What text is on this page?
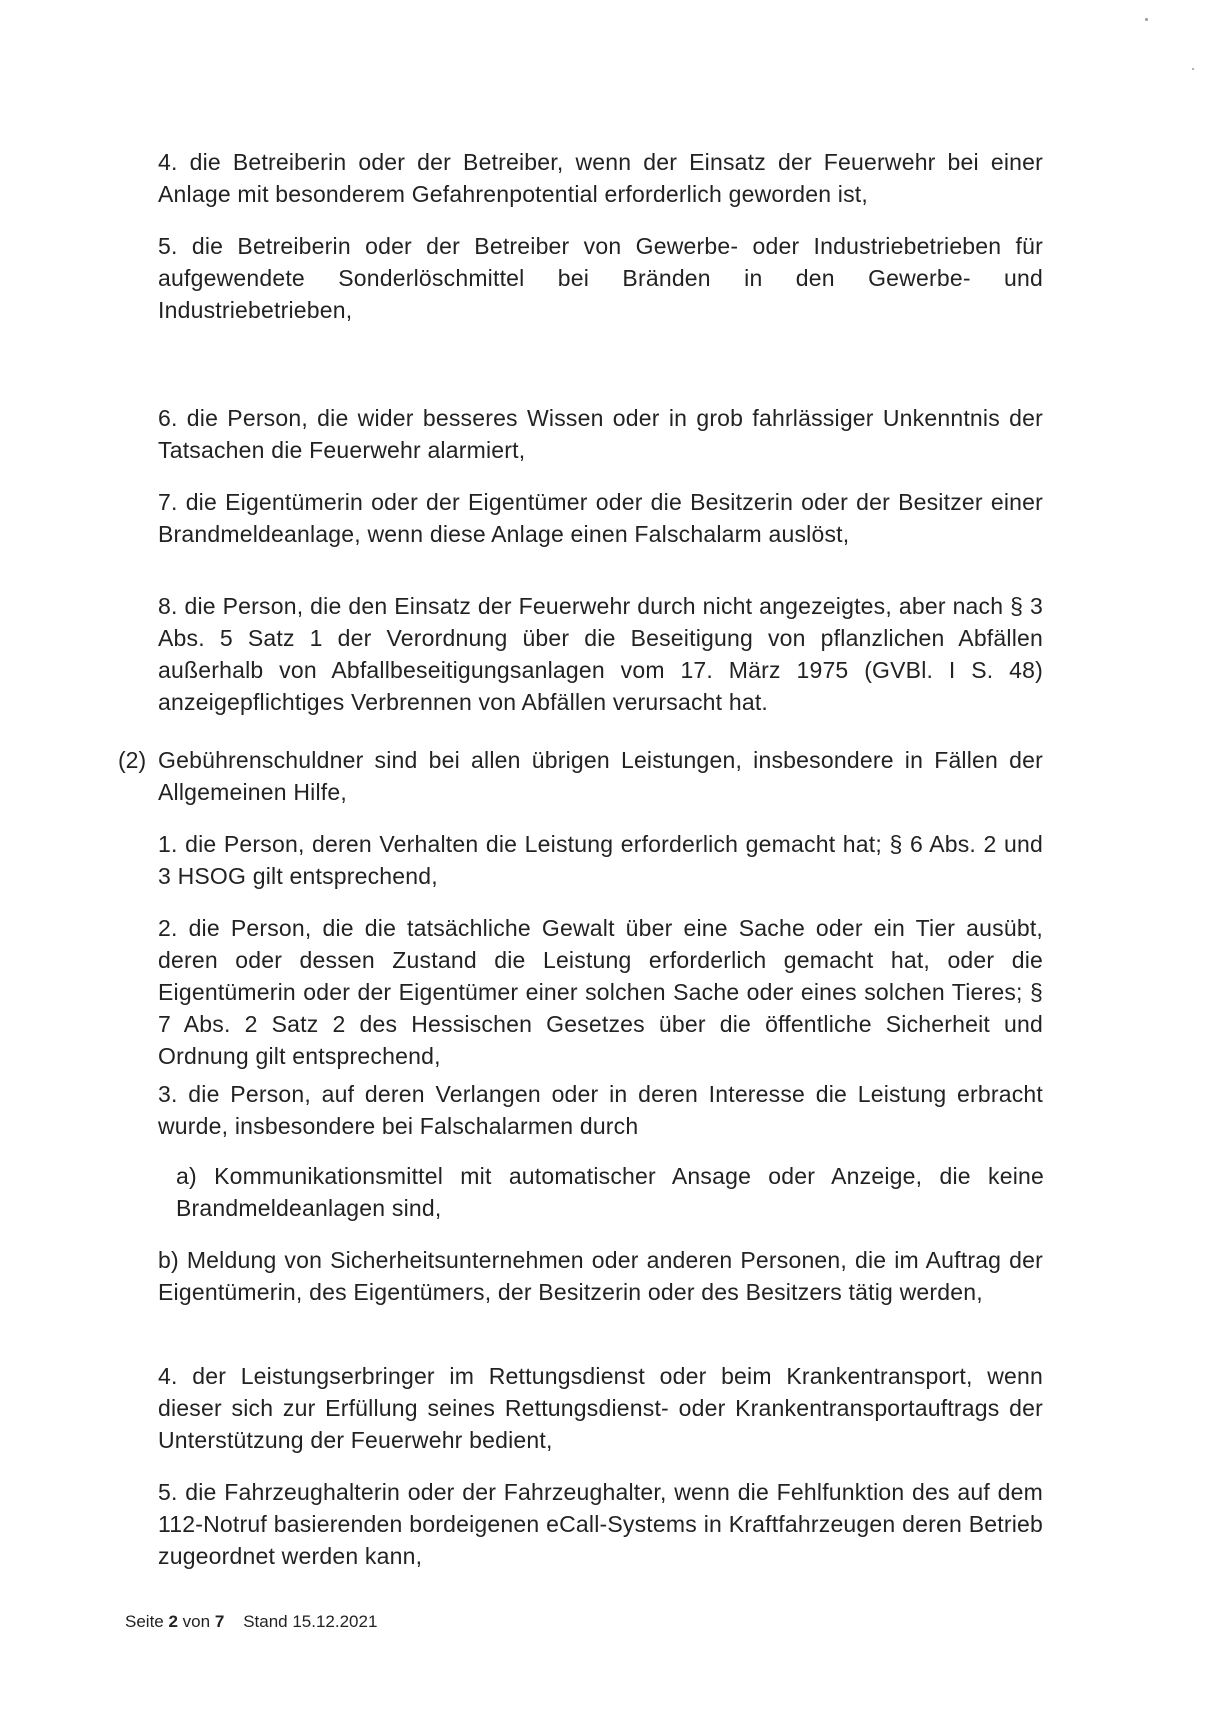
4. die Betreiberin oder der Betreiber, wenn der Einsatz der Feuerwehr bei einer Anlage mit besonderem Gefahrenpotential erforderlich geworden ist,
5. die Betreiberin oder der Betreiber von Gewerbe- oder Industriebetrieben für aufgewendete Sonderlöschmittel bei Bränden in den Gewerbe- und Industriebetrieben,
6. die Person, die wider besseres Wissen oder in grob fahrlässiger Unkenntnis der Tatsachen die Feuerwehr alarmiert,
7. die Eigentümerin oder der Eigentümer oder die Besitzerin oder der Besitzer einer Brandmeldeanlage, wenn diese Anlage einen Falschalarm auslöst,
8. die Person, die den Einsatz der Feuerwehr durch nicht angezeigtes, aber nach § 3 Abs. 5 Satz 1 der Verordnung über die Beseitigung von pflanzlichen Abfällen außerhalb von Abfallbeseitigungsanlagen vom 17. März 1975 (GVBl. I S. 48) anzeigepflichtiges Verbrennen von Abfällen verursacht hat.
(2) Gebührenschuldner sind bei allen übrigen Leistungen, insbesondere in Fällen der Allgemeinen Hilfe,
1. die Person, deren Verhalten die Leistung erforderlich gemacht hat; § 6 Abs. 2 und 3 HSOG gilt entsprechend,
2. die Person, die die tatsächliche Gewalt über eine Sache oder ein Tier ausübt, deren oder dessen Zustand die Leistung erforderlich gemacht hat, oder die Eigentümerin oder der Eigentümer einer solchen Sache oder eines solchen Tieres; § 7 Abs. 2 Satz 2 des Hessischen Gesetzes über die öffentliche Sicherheit und Ordnung gilt entsprechend,
3. die Person, auf deren Verlangen oder in deren Interesse die Leistung erbracht wurde, insbesondere bei Falschalarmen durch
a) Kommunikationsmittel mit automatischer Ansage oder Anzeige, die keine Brandmeldeanlagen sind,
b) Meldung von Sicherheitsunternehmen oder anderen Personen, die im Auftrag der Eigentümerin, des Eigentümers, der Besitzerin oder des Besitzers tätig werden,
4. der Leistungserbringer im Rettungsdienst oder beim Krankentransport, wenn dieser sich zur Erfüllung seines Rettungsdienst- oder Krankentransportauftrags der Unterstützung der Feuerwehr bedient,
5. die Fahrzeughalterin oder der Fahrzeughalter, wenn die Fehlfunktion des auf dem 112-Notruf basierenden bordeigenen eCall-Systems in Kraftfahrzeugen deren Betrieb zugeordnet werden kann,
Seite 2 von 7 Stand 15.12.2021
